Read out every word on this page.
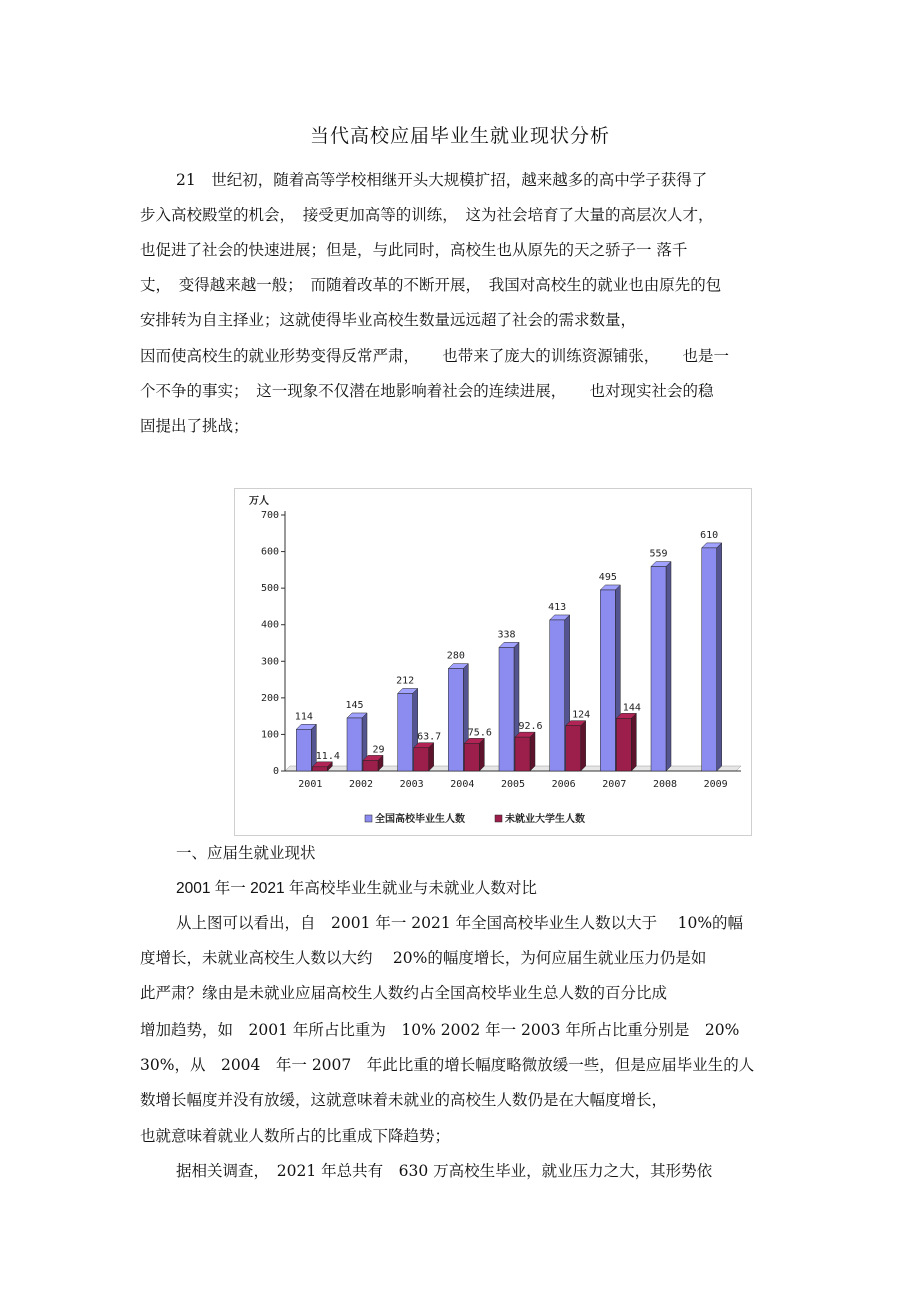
当代高校应届毕业生就业现状分析

21　世纪初，随着高等学校相继开头大规模扩招，越来越多的高中学子获得了

步入高校殿堂的机会，　接受更加高等的训练，　这为社会培育了大量的高层次人才，

也促进了社会的快速进展；但是，与此同时，高校生也从原先的天之骄子一 落千

丈，　变得越来越一般；　而随着改革的不断开展，　我国对高校生的就业也由原先的包

安排转为自主择业；这就使得毕业高校生数量远远超了社会的需求数量，

因而使高校生的就业形势变得反常严肃，　　也带来了庞大的训练资源铺张，　　也是一

个不争的事实；　这一现象不仅潜在地影响着社会的连续进展，　　也对现实社会的稳

固提出了挑战；

万人
0
100
200
300
400
500
600
700
2001
114
11.4
2002
145
29
2003
212
63.7
2004
280
75.6
2005
338
92.6
2006
413
124
2007
495
144
2008
559
2009
610
全国高校毕业生人数	未就业大学生人数

一、应届生就业现状

2001 年一 2021 年高校毕业生就业与未就业人数对比

从上图可以看出，自　2001 年一 2021 年全国高校毕业生人数以大于　 10%的幅

度增长，未就业高校生人数以大约　 20%的幅度增长，为何应届生就业压力仍是如

此严肃？缘由是未就业应届高校生人数约占全国高校毕业生总人数的百分比成

增加趋势，如　2001 年所占比重为　10% 2002 年一 2003 年所占比重分别是　20%

30%，从　2004　年一 2007　年此比重的增长幅度略微放缓一些，但是应届毕业生的人

数增长幅度并没有放缓，这就意味着未就业的高校生人数仍是在大幅度增长，

也就意味着就业人数所占的比重成下降趋势；

据相关调查，　2021 年总共有　630 万高校生毕业，就业压力之大，其形势依
